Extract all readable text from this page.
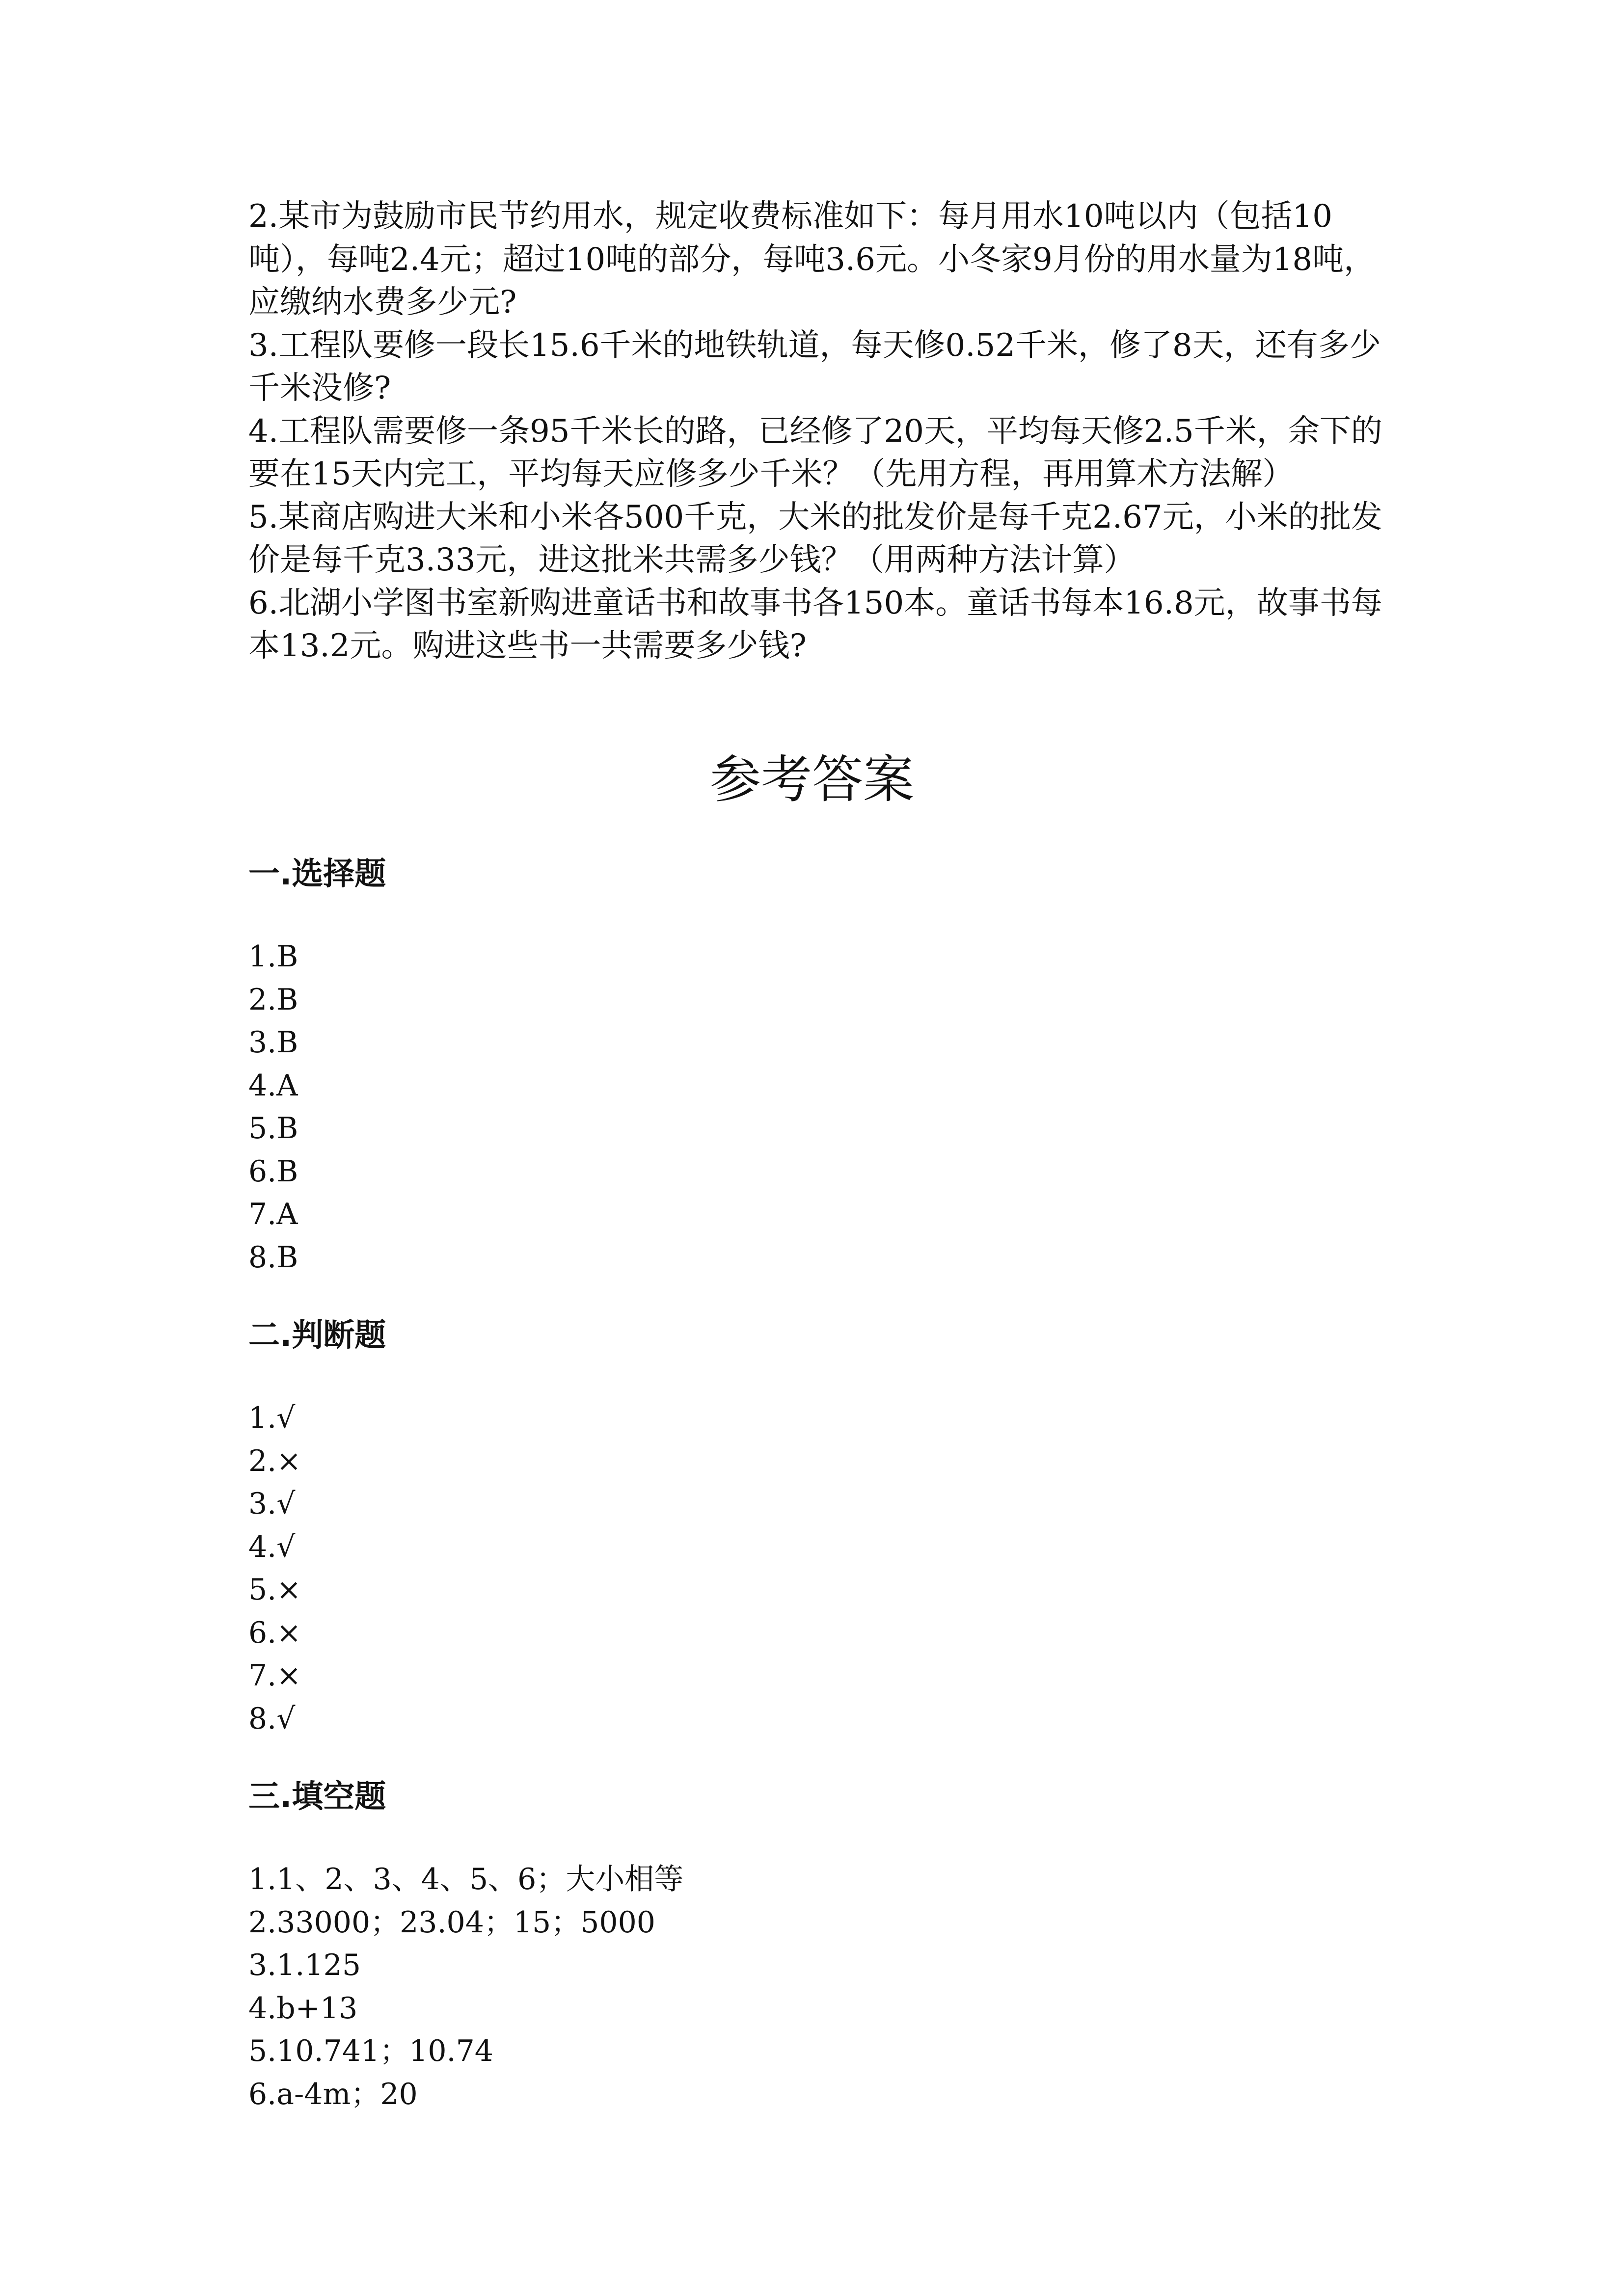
2.某市为鼓励市民节约用水，规定收费标准如下：每月用水10吨以内（包括10吨），每吨2.4元；超过10吨的部分，每吨3.6元。小冬家9月份的用水量为18吨，应缴纳水费多少元?

3.工程队要修一段长15.6千米的地铁轨道，每天修0.52千米，修了8天，还有多少千米没修?

4.工程队需要修一条95千米长的路，已经修了20天，平均每天修2.5千米，余下的要在15天内完工，平均每天应修多少千米？（先用方程，再用算术方法解）

5.某商店购进大米和小米各500千克，大米的批发价是每千克2.67元，小米的批发价是每千克3.33元，进这批米共需多少钱？（用两种方法计算）

6.北湖小学图书室新购进童话书和故事书各150本。童话书每本16.8元，故事书每本13.2元。购进这些书一共需要多少钱?

参考答案
一.选择题
1.B
2.B
3.B
4.A
5.B
6.B
7.A
8.B
二.判断题
1.√
2.×
3.√
4.√
5.×
6.×
7.×
8.√
三.填空题
1.1、2、3、4、5、6；大小相等
2.33000；23.04；15；5000
3.1.125
4.b+13
5.10.741；10.74
6.a-4m；20
